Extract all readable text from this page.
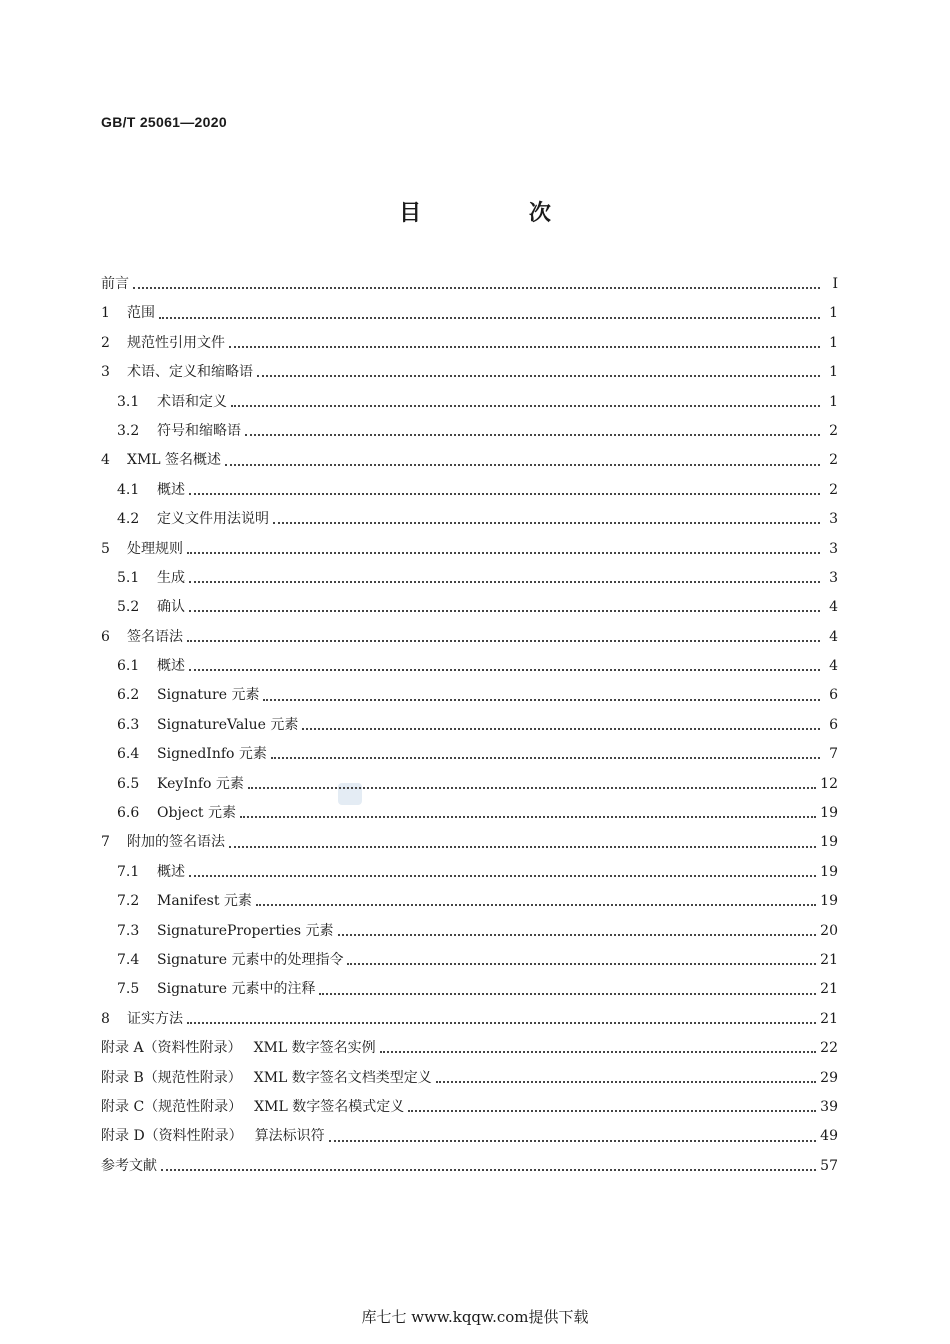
GB/T 25061—2020
目 次
前言	Ⅰ
1 范围	1
2 规范性引用文件	1
3 术语、定义和缩略语	1
3.1 术语和定义	1
3.2 符号和缩略语	2
4 XML 签名概述	2
4.1 概述	2
4.2 定义文件用法说明	3
5 处理规则	3
5.1 生成	3
5.2 确认	4
6 签名语法	4
6.1 概述	4
6.2 Signature 元素	6
6.3 SignatureValue 元素	6
6.4 SignedInfo 元素	7
6.5 KeyInfo 元素	12
6.6 Object 元素	19
7 附加的签名语法	19
7.1 概述	19
7.2 Manifest 元素	19
7.3 SignatureProperties 元素	20
7.4 Signature 元素中的处理指令	21
7.5 Signature 元素中的注释	21
8 证实方法	21
附录 A（资料性附录） XML 数字签名实例	22
附录 B（规范性附录） XML 数字签名文档类型定义	29
附录 C（规范性附录） XML 数字签名模式定义	39
附录 D（资料性附录） 算法标识符	49
参考文献	57
库七七 www.kqqw.com提供下载
